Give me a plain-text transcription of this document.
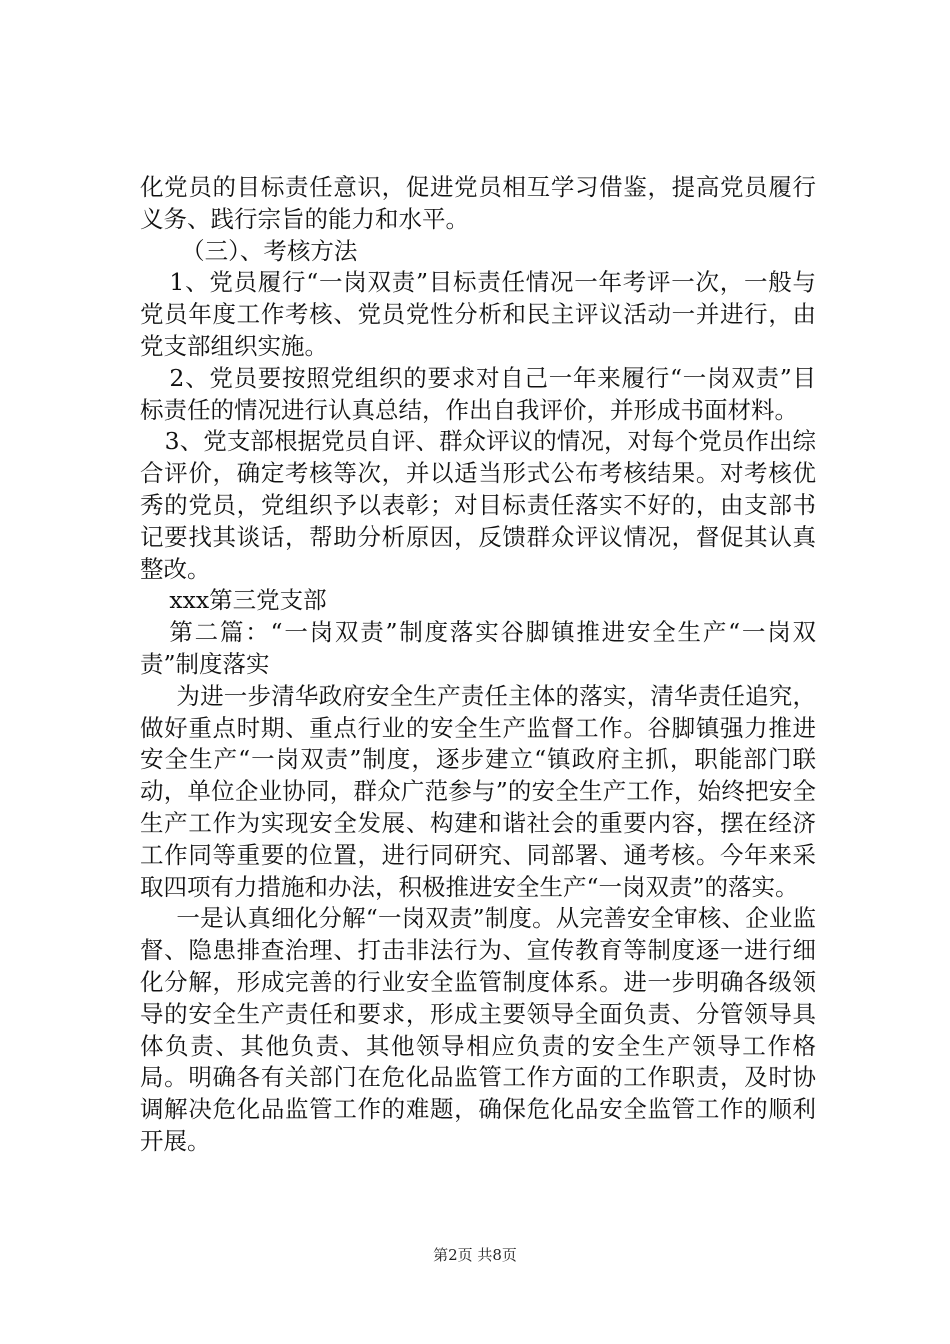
化党员的目标责任意识，促进党员相互学习借鉴，提高党员履行义务、践行宗旨的能力和水平。

（三）、考核方法

1、党员履行“一岗双责”目标责任情况一年考评一次，一般与党员年度工作考核、党员党性分析和民主评议活动一并进行，由党支部组织实施。

2、党员要按照党组织的要求对自己一年来履行“一岗双责”目标责任的情况进行认真总结，作出自我评价，并形成书面材料。

3、党支部根据党员自评、群众评议的情况，对每个党员作出综合评价，确定考核等次，并以适当形式公布考核结果。对考核优秀的党员，党组织予以表彰；对目标责任落实不好的，由支部书记要找其谈话，帮助分析原因，反馈群众评议情况，督促其认真整改。

xxx第三党支部

第二篇：“一岗双责”制度落实谷脚镇推进安全生产“一岗双责”制度落实

为进一步清华政府安全生产责任主体的落实，清华责任追究，做好重点时期、重点行业的安全生产监督工作。谷脚镇强力推进安全生产“一岗双责”制度，逐步建立“镇政府主抓，职能部门联动，单位企业协同，群众广范参与”的安全生产工作，始终把安全生产工作为实现安全发展、构建和谐社会的重要内容，摆在经济工作同等重要的位置，进行同研究、同部署、通考核。今年来采取四项有力措施和办法，积极推进安全生产“一岗双责”的落实。

一是认真细化分解“一岗双责”制度。从完善安全审核、企业监督、隐患排查治理、打击非法行为、宣传教育等制度逐一进行细化分解，形成完善的行业安全监管制度体系。进一步明确各级领导的安全生产责任和要求，形成主要领导全面负责、分管领导具体负责、其他负责、其他领导相应负责的安全生产领导工作格局。明确各有关部门在危化品监管工作方面的工作职责，及时协调解决危化品监管工作的难题，确保危化品安全监管工作的顺利开展。

第2页 共8页
